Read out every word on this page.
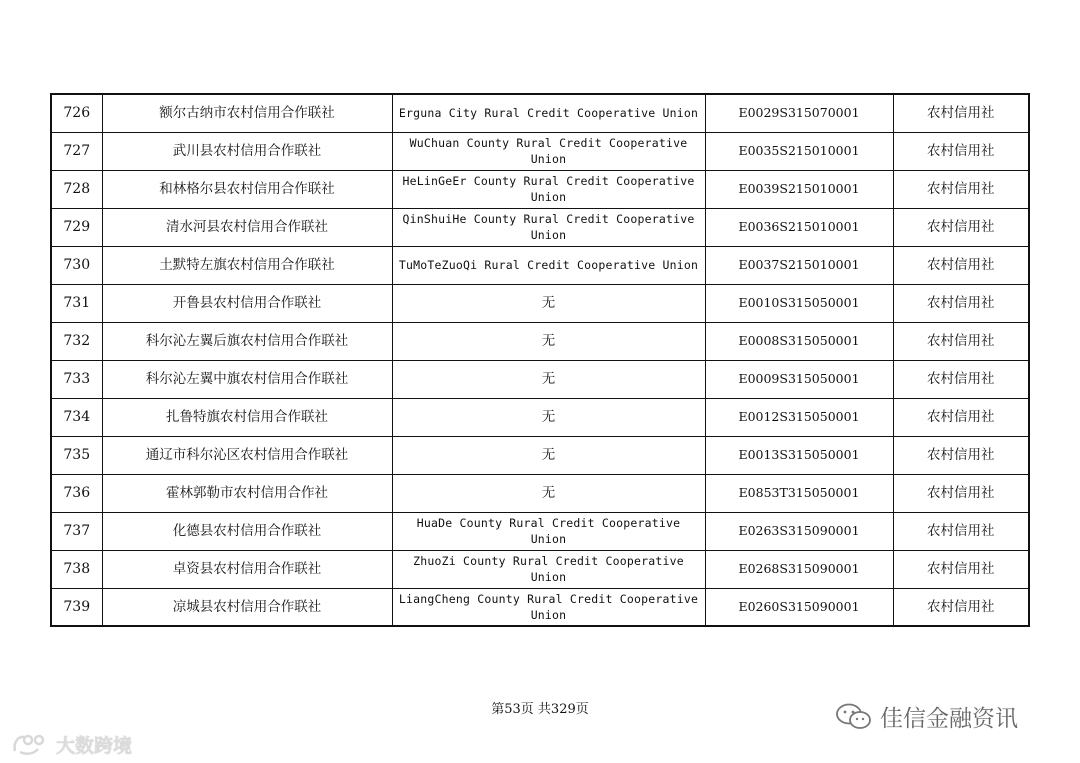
726	额尔古纳市农村信用合作联社	Erguna City Rural Credit Cooperative Union	E0029S315070001	农村信用社
727	武川县农村信用合作联社	WuChuan County Rural Credit Cooperative Union	E0035S215010001	农村信用社
728	和林格尔县农村信用合作联社	HeLinGeEr County Rural Credit Cooperative Union	E0039S215010001	农村信用社
729	清水河县农村信用合作联社	QinShuiHe County Rural Credit Cooperative Union	E0036S215010001	农村信用社
730	土默特左旗农村信用合作联社	TuMoTeZuoQi Rural Credit Cooperative Union	E0037S215010001	农村信用社
731	开鲁县农村信用合作联社	无	E0010S315050001	农村信用社
732	科尔沁左翼后旗农村信用合作联社	无	E0008S315050001	农村信用社
733	科尔沁左翼中旗农村信用合作联社	无	E0009S315050001	农村信用社
734	扎鲁特旗农村信用合作联社	无	E0012S315050001	农村信用社
735	通辽市科尔沁区农村信用合作联社	无	E0013S315050001	农村信用社
736	霍林郭勒市农村信用合作社	无	E0853T315050001	农村信用社
737	化德县农村信用合作联社	HuaDe County Rural Credit Cooperative Union	E0263S315090001	农村信用社
738	卓资县农村信用合作联社	ZhuoZi County Rural Credit Cooperative Union	E0268S315090001	农村信用社
739	凉城县农村信用合作联社	LiangCheng County Rural Credit Cooperative Union	E0260S315090001	农村信用社
第53页 共329页
大数跨境
佳信金融资讯
